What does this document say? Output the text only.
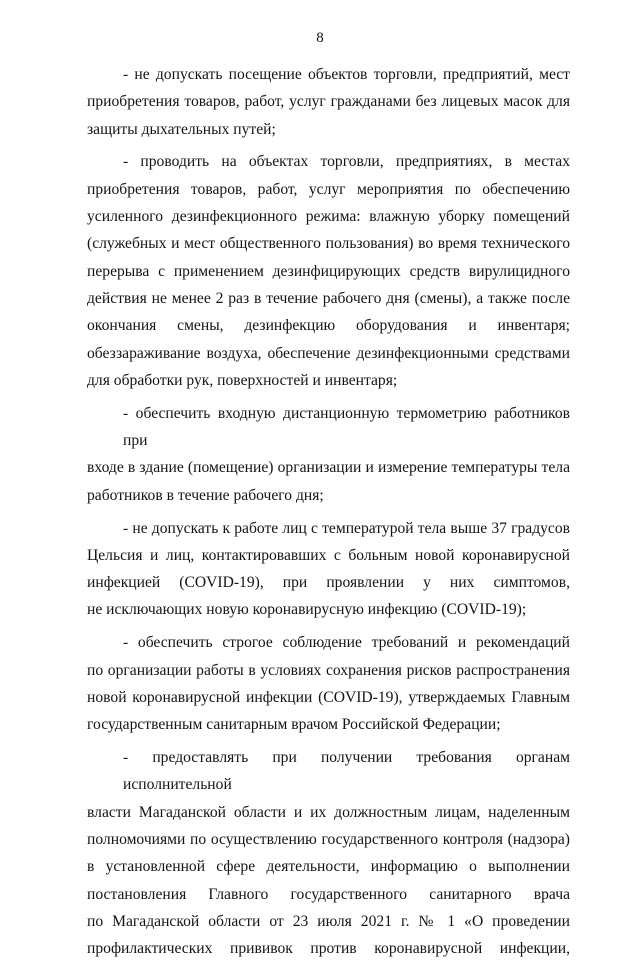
8
- не допускать посещение объектов торговли, предприятий, мест
приобретения товаров, работ, услуг гражданами без лицевых масок для
защиты дыхательных путей;
- проводить на объектах торговли, предприятиях, в местах
приобретения товаров, работ, услуг мероприятия по обеспечению
усиленного дезинфекционного режима: влажную уборку помещений
(служебных и мест общественного пользования) во время технического
перерыва с применением дезинфицирующих средств вирулицидного
действия не менее 2 раз в течение рабочего дня (смены), а также после
окончания смены, дезинфекцию оборудования и инвентаря;
обеззараживание воздуха, обеспечение дезинфекционными средствами
для обработки рук, поверхностей и инвентаря;
- обеспечить входную дистанционную термометрию работников при
входе в здание (помещение) организации и измерение температуры тела
работников в течение рабочего дня;
- не допускать к работе лиц с температурой тела выше 37 градусов
Цельсия и лиц, контактировавших с больным новой коронавирусной
инфекцией (COVID-19), при проявлении у них симптомов,
не исключающих новую коронавирусную инфекцию (COVID-19);
- обеспечить строгое соблюдение требований и рекомендаций
по организации работы в условиях сохранения рисков распространения
новой коронавирусной инфекции (COVID-19), утверждаемых Главным
государственным санитарным врачом Российской Федерации;
- предоставлять при получении требования органам исполнительной
власти Магаданской области и их должностным лицам, наделенным
полномочиями по осуществлению государственного контроля (надзора)
в установленной сфере деятельности, информацию о выполнении
постановления Главного государственного санитарного врача
по Магаданской области от 23 июля 2021 г. № 1 «О проведении
профилактических прививок против коронавирусной инфекции,
